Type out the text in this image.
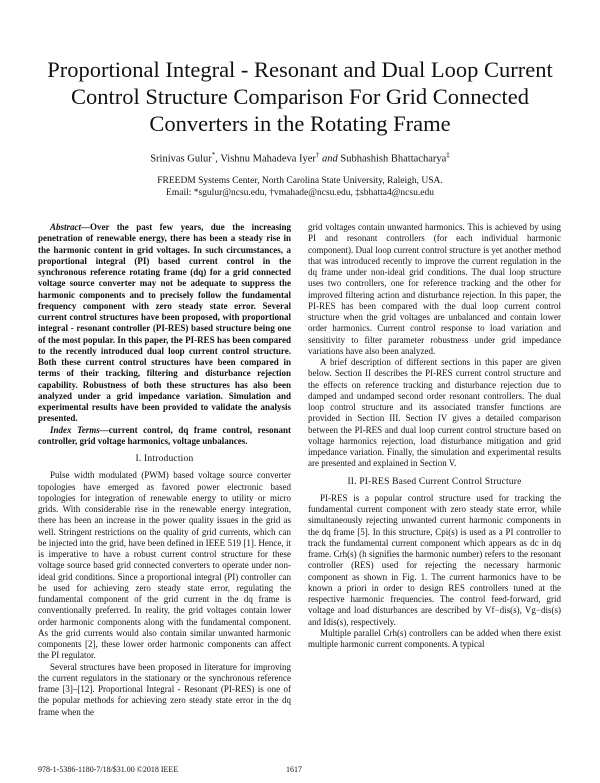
Proportional Integral - Resonant and Dual Loop Current Control Structure Comparison For Grid Connected Converters in the Rotating Frame
Srinivas Gulur*, Vishnu Mahadeva Iyer† and Subhashish Bhattacharya‡
FREEDM Systems Center, North Carolina State University, Raleigh, USA.
Email: *sgulur@ncsu.edu, †vmahade@ncsu.edu, ‡sbhatta4@ncsu.edu

Abstract—Over the past few years, due the increasing penetration of renewable energy, there has been a steady rise in the harmonic content in grid voltages. In such circumstances, a proportional integral (PI) based current control in the synchronous reference rotating frame (dq) for a grid connected voltage source converter may not be adequate to suppress the harmonic components and to precisely follow the fundamental frequency component with zero steady state error. Several current control structures have been proposed, with proportional integral - resonant controller (PI-RES) based structure being one of the most popular. In this paper, the PI-RES has been compared to the recently introduced dual loop current control structure. Both these current control structures have been compared in terms of their tracking, filtering and disturbance rejection capability. Robustness of both these structures has also been analyzed under a grid impedance variation. Simulation and experimental results have been provided to validate the analysis presented.

Index Terms—current control, dq frame control, resonant controller, grid voltage harmonics, voltage unbalances.

I. Introduction

Pulse width modulated (PWM) based voltage source converter topologies have emerged as favored power electronic based topologies for integration of renewable energy to utility or micro grids. With considerable rise in the renewable energy integration, there has been an increase in the power quality issues in the grid as well. Stringent restrictions on the quality of grid currents, which can be injected into the grid, have been defined in IEEE 519 [1]. Hence, it is imperative to have a robust current control structure for these voltage source based grid connected converters to operate under non-ideal grid conditions. Since a proportional integral (PI) controller can be used for achieving zero steady state error, regulating the fundamental component of the grid current in the dq frame is conventionally preferred. In reality, the grid voltages contain lower order harmonic components along with the fundamental component. As the grid currents would also contain similar unwanted harmonic components [2], these lower order harmonic components can affect the PI regulator.

Several structures have been proposed in literature for improving the current regulators in the stationary or the synchronous reference frame [3]–[12]. Proportional Integral - Resonant (PI-RES) is one of the popular methods for achieving zero steady state error in the dq frame when the

grid voltages contain unwanted harmonics. This is achieved by using PI and resonant controllers (for each individual harmonic component). Dual loop current control structure is yet another method that was introduced recently to improve the current regulation in the dq frame under non-ideal grid conditions. The dual loop structure uses two controllers, one for reference tracking and the other for improved filtering action and disturbance rejection. In this paper, the PI-RES has been compared with the dual loop current control structure when the grid voltages are unbalanced and contain lower order harmonics. Current control response to load variation and sensitivity to filter parameter robustness under grid impedance variations have also been analyzed.

A brief description of different sections in this paper are given below. Section II describes the PI-RES current control structure and the effects on reference tracking and disturbance rejection due to damped and undamped second order resonant controllers. The dual loop control structure and its associated transfer functions are provided in Section III. Section IV gives a detailed comparison between the PI-RES and dual loop current control structure based on voltage harmonics rejection, load disturbance mitigation and grid impedance variation. Finally, the simulation and experimental results are presented and explained in Section V.

II. PI-RES Based Current Control Structure

PI-RES is a popular control structure used for tracking the fundamental current component with zero steady state error, while simultaneously rejecting unwanted current harmonic components in the dq frame [5]. In this structure, Cpi(s) is used as a PI controller to track the fundamental current component which appears as dc in dq frame. Crh(s) (h signifies the harmonic number) refers to the resonant controller (RES) used for rejecting the necessary harmonic component as shown in Fig. 1. The current harmonics have to be known a priori in order to design RES controllers tuned at the respective harmonic frequencies. The control feed-forward, grid voltage and load disturbances are described by Vf−dis(s), Vg−dis(s) and Idis(s), respectively.

Multiple parallel Crh(s) controllers can be added when there exist multiple harmonic current components. A typical

978-1-5386-1180-7/18/$31.00 ©2018 IEEE	1617
